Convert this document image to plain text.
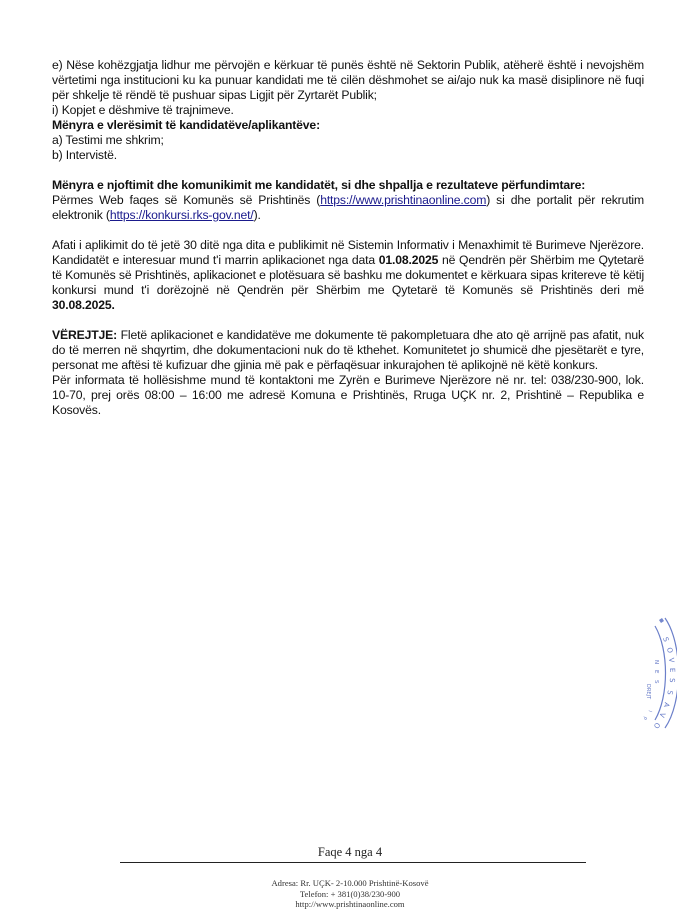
e) Nëse kohëzgjatja lidhur me përvojën e kërkuar të punës është në Sektorin Publik, atëherë është i nevojshëm vërtetimi nga institucioni ku ka punuar kandidati me të cilën dëshmohet se ai/ajo nuk ka masë disiplinore në fuqi për shkelje të rëndë të pushuar sipas Ligjit për Zyrtarët Publik;

i) Kopjet e dëshmive të trajnimeve.

Mënyra e vlerësimit të kandidatëve/aplikantëve:

a) Testimi me shkrim;

b) Intervistë.

Mënyra e njoftimit dhe komunikimit me kandidatët, si dhe shpallja e rezultateve përfundimtare:

Përmes Web faqes së Komunës së Prishtinës (https://www.prishtinaonline.com) si dhe portalit për rekrutim elektronik (https://konkursi.rks-gov.net/).

Afati i aplikimit do të jetë 30 ditë nga dita e publikimit në Sistemin Informativ i Menaxhimit të Burimeve Njerëzore. Kandidatët e interesuar mund t'i marrin aplikacionet nga data 01.08.2025 në Qendrën për Shërbim me Qytetarë të Komunës së Prishtinës, aplikacionet e plotësuara së bashku me dokumentet e kërkuara sipas kritereve të këtij konkursi mund t'i dorëzojnë në Qendrën për Shërbim me Qytetarë të Komunës së Prishtinës deri më 30.08.2025.

VËREJTJE: Fletë aplikacionet e kandidatëve me dokumente të pakompletuara dhe ato që arrijnë pas afatit, nuk do të merren në shqyrtim, dhe dokumentacioni nuk do të kthehet. Komunitetet jo shumicë dhe pjesëtarët e tyre, personat me aftësi të kufizuar dhe gjinia më pak e përfaqësuar inkurajohen të aplikojnë në këtë konkurs.

Për informata të hollësishme mund të kontaktoni me Zyrën e Burimeve Njerëzore në nr. tel: 038/230-900, lok. 10-70, prej orës 08:00 – 16:00 me adresë Komuna e Prishtinës, Rruga UÇK nr. 2, Prishtinë – Republika e Kosovës.

S
O
V
E
S
S
A
V
O
N
E
S
DREJT
I
P
Faqe 4 nga 4
Adresa: Rr. UÇK- 2-10.000 Prishtinë-Kosovë
Telefon: + 381(0)38/230-900
http://www.prishtinaonline.com
